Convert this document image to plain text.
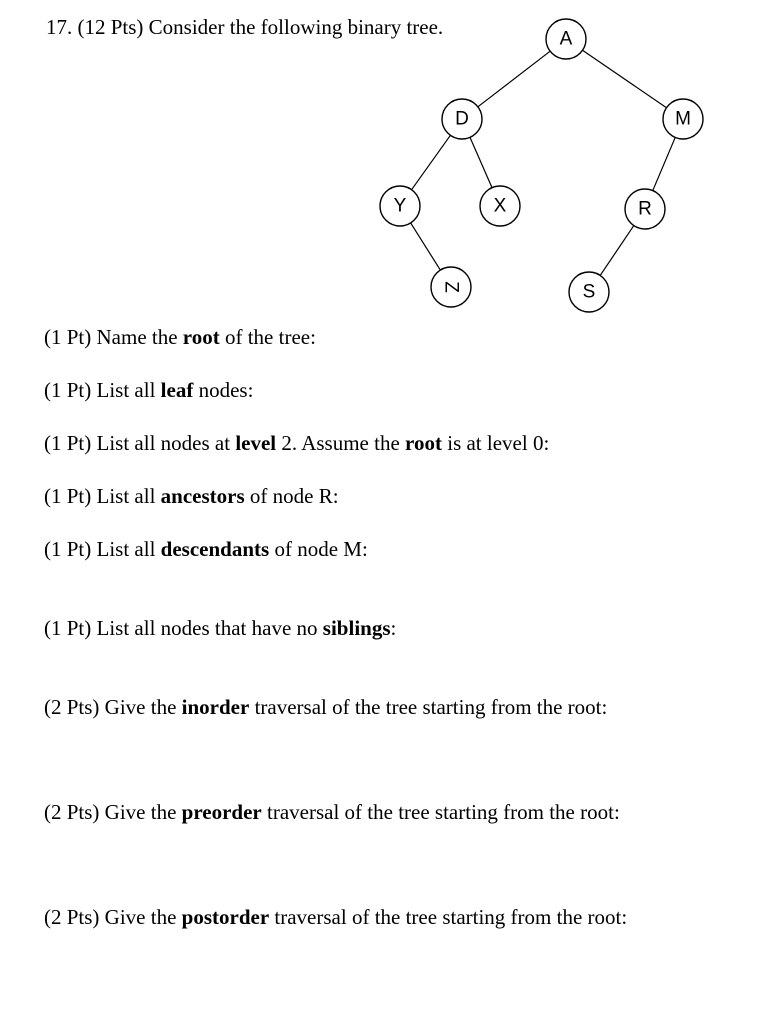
17. (12 Pts) Consider the following binary tree.	A
D	M
Y	X	R
Z	S
(1 Pt) Name the root of the tree:
(1 Pt) List all leaf nodes:
(1 Pt) List all nodes at level 2. Assume the root is at level 0:
(1 Pt) List all ancestors of node R:
(1 Pt) List all descendants of node M:
(1 Pt) List all nodes that have no siblings:
(2 Pts) Give the inorder traversal of the tree starting from the root:
(2 Pts) Give the preorder traversal of the tree starting from the root:
(2 Pts) Give the postorder traversal of the tree starting from the root:
